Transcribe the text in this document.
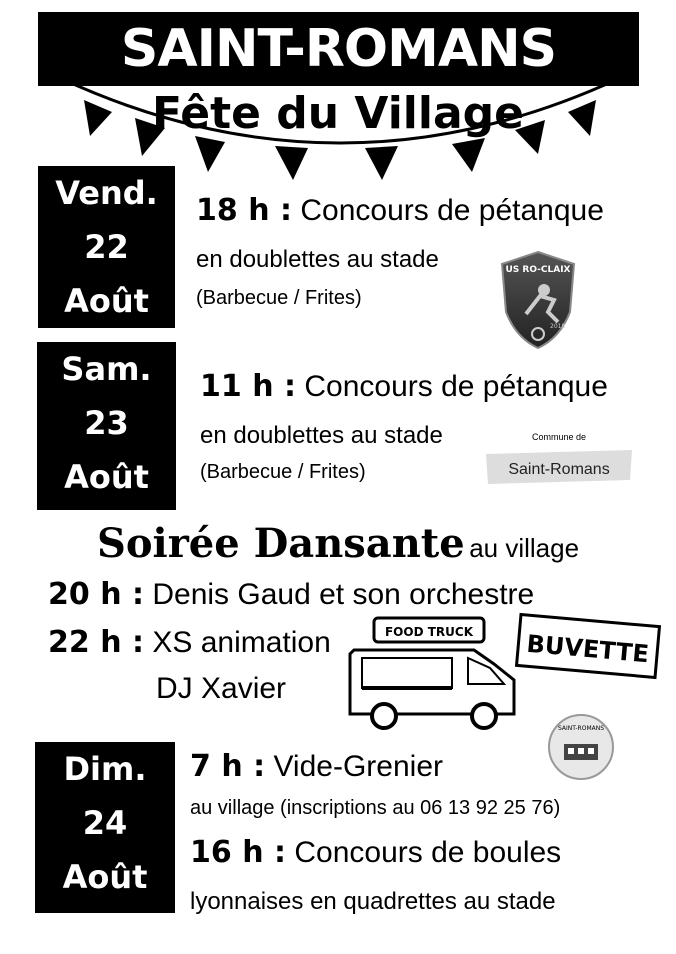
SAINT-ROMANS
Fête du Village
Vend.
22
Août
18 h : Concours de pétanque
en doublettes au stade
(Barbecue / Frites)
US RO-CLAIX
2018
Sam.
23
Août
11 h : Concours de pétanque
en doublettes au stade
(Barbecue / Frites)
Commune de
Saint-Romans
Soirée Dansante au village
20 h : Denis Gaud et son orchestre
22 h : XS animation
DJ Xavier
FOOD TRUCK	BUVETTE
SAINT-ROMANS
Dim.
24
Août
7 h : Vide-Grenier
au village (inscriptions au 06 13 92 25 76)
16 h : Concours de boules
lyonnaises en quadrettes au stade
